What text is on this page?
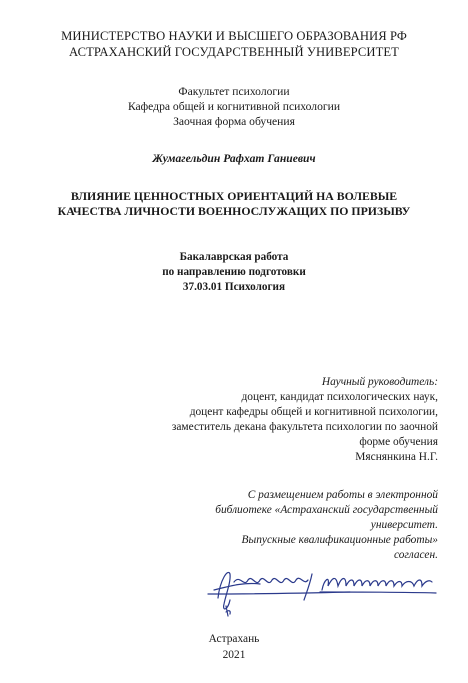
МИНИСТЕРСТВО НАУКИ И ВЫСШЕГО ОБРАЗОВАНИЯ РФ
АСТРАХАНСКИЙ ГОСУДАРСТВЕННЫЙ УНИВЕРСИТЕТ
Факультет психологии
Кафедра общей и когнитивной психологии
Заочная форма обучения
Жумагельдин Рафхат Ганиевич
ВЛИЯНИЕ ЦЕННОСТНЫХ ОРИЕНТАЦИЙ НА ВОЛЕВЫЕ
КАЧЕСТВА ЛИЧНОСТИ ВОЕННОСЛУЖАЩИХ ПО ПРИЗЫВУ
Бакалаврская работа
по направлению подготовки
37.03.01 Психология
Научный руководитель:
доцент, кандидат психологических наук,
доцент кафедры общей и когнитивной психологии,
заместитель декана факультета психологии по заочной
форме обучения
Мяснянкина Н.Г.
С размещением работы в электронной
библиотеке «Астраханский государственный
университет.
Выпускные квалификационные работы»
согласен.
Астрахань
2021
